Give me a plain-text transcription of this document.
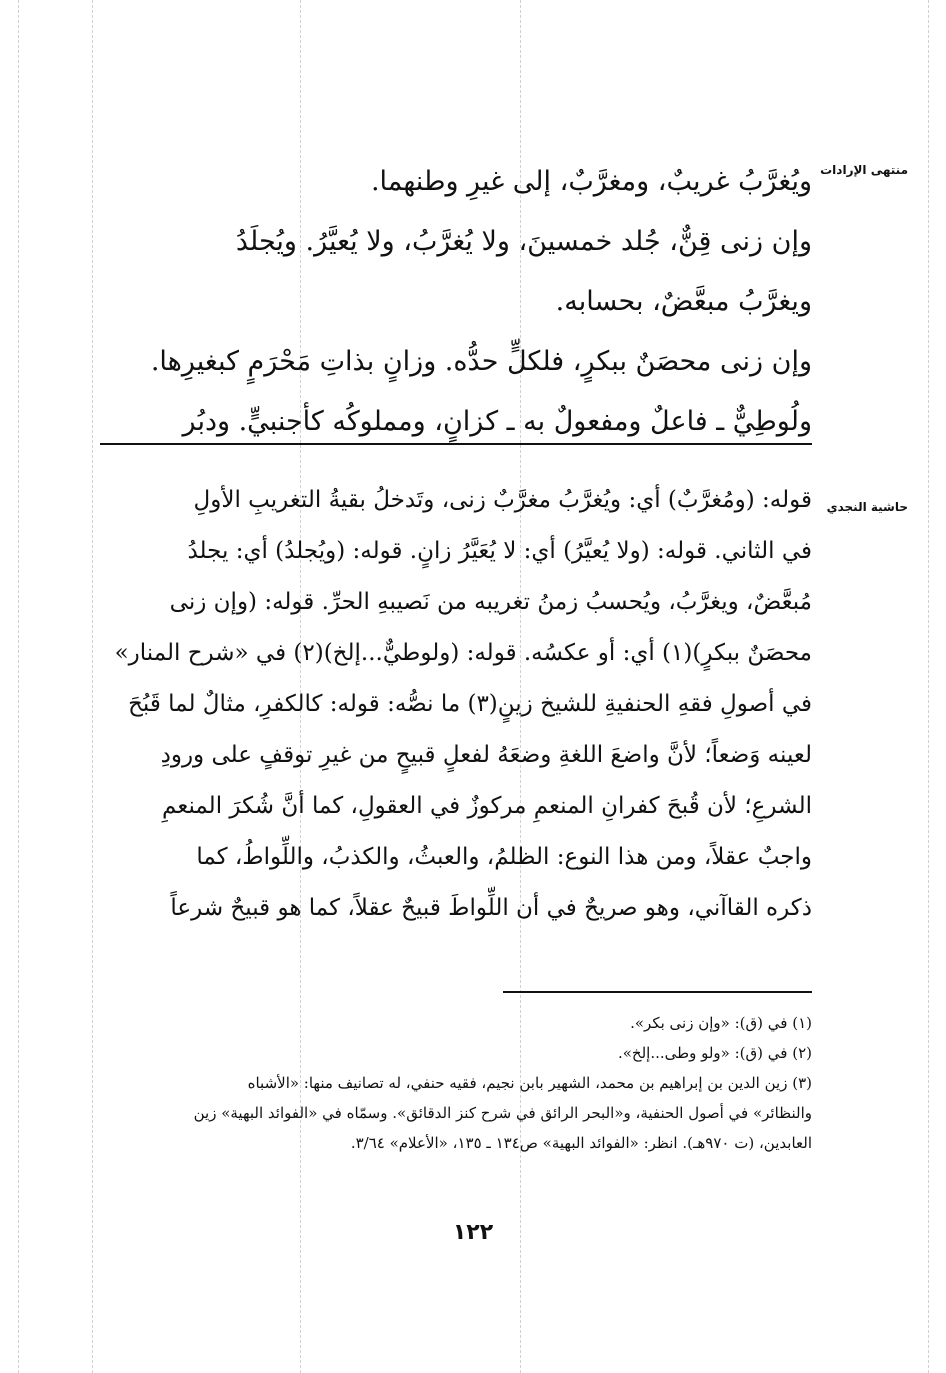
منتهى الإرادات
حاشية النجدي
ويُغرَّبُ غريبٌ، ومغرَّبٌ، إلى غيرِ وطنهما.
وإن زنى قِنٌّ، جُلد خمسينَ، ولا يُغرَّبُ، ولا يُعيَّرُ. ويُجلَدُ
ويغرَّبُ مبعَّضٌ، بحسابه.
وإن زنى محصَنٌ ببكرٍ، فلكلٍّ حدُّه. وزانٍ بذاتِ مَحْرَمٍ كبغيرِها.
ولُوطِيٌّ ـ فاعلٌ ومفعولٌ به ـ كزانٍ، ومملوكُه كأجنبيٍّ. ودبُر
قوله: (ومُغرَّبٌ) أي: ويُغرَّبُ مغرَّبٌ زنى، وتَدخلُ بقيةُ التغريبِ الأولِ
في الثاني. قوله: (ولا يُعيَّرُ) أي: لا يُعَيَّرُ زانٍ. قوله: (ويُجلدُ) أي: يجلدُ
مُبعَّضٌ، ويغرَّبُ، ويُحسبُ زمنُ تغريبه من نَصيبهِ الحرِّ. قوله: (وإن زنى
محصَنٌ ببكرٍ)(١) أي: أو عكسُه. قوله: (ولوطيٌّ...إلخ)(٢) في «شرح المنار»
في أصولِ فقهِ الحنفيةِ للشيخ زينٍ(٣) ما نصُّه: قوله: كالكفرِ، مثالٌ لما قَبُحَ
لعينه وَضعاً؛ لأنَّ واضعَ اللغةِ وضعَهُ لفعلٍ قبيحٍ من غيرِ توقفٍ على ورودِ
الشرعِ؛ لأن قُبحَ كفرانِ المنعمِ مركوزٌ في العقولِ، كما أنَّ شُكرَ المنعمِ
واجبٌ عقلاً، ومن هذا النوع: الظلمُ، والعبثُ، والكذبُ، واللِّواطُ، كما
ذكره القاآني، وهو صريحٌ في أن اللِّواطَ قبيحٌ عقلاً، كما هو قبيحٌ شرعاً
(١) في (ق): «وإن زنى بكر».
(٢) في (ق): «ولو وطى...إلخ».
(٣) زين الدين بن إبراهيم بن محمد، الشهير بابن نجيم، فقيه حنفي، له تصانيف منها: «الأشباه
والنظائر» في أصول الحنفية، و«البحر الرائق في شرح كنز الدقائق». وسمّاه في «الفوائد البهية» زين
العابدين، (ت ٩٧٠هـ). انظر: «الفوائد البهية» ص١٣٤ ـ ١٣٥، «الأعلام» ٣/٦٤.
١٢٢
